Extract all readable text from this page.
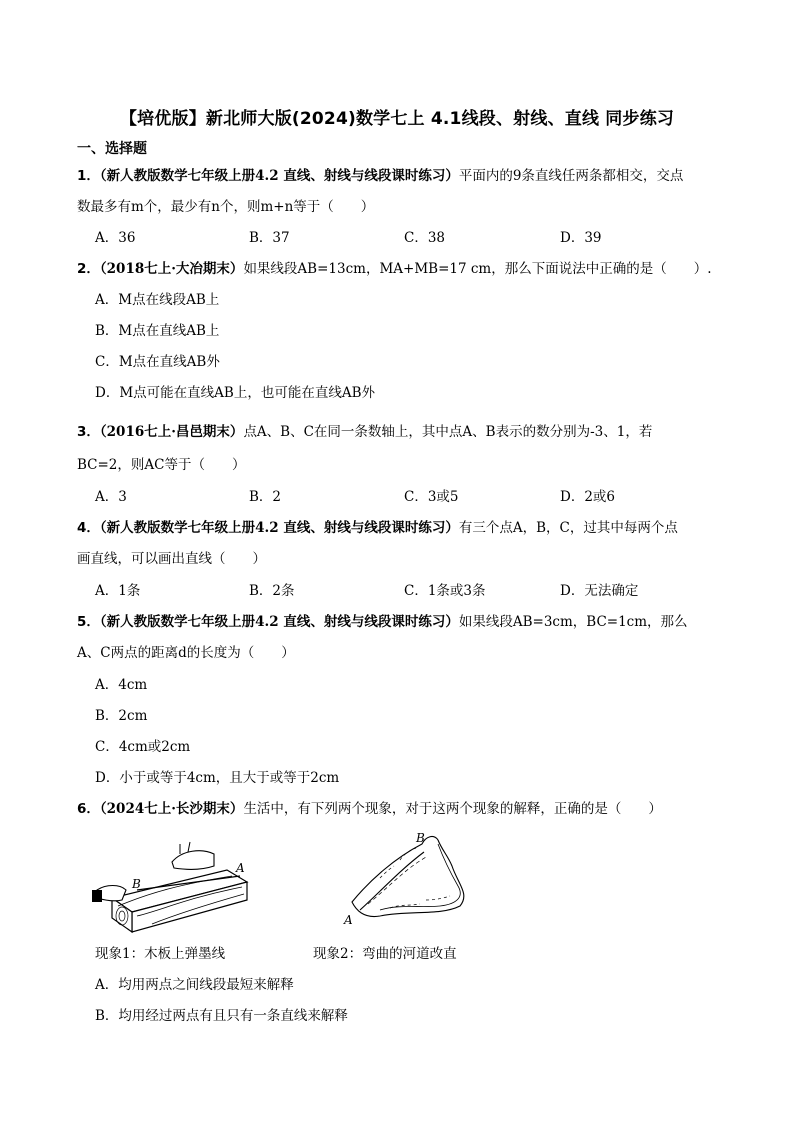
【培优版】新北师大版(2024)数学七上 4.1线段、射线、直线 同步练习
一、选择题
1．（新人教版数学七年级上册4.2 直线、射线与线段课时练习）平面内的9条直线任两条都相交，交点
数最多有m个，最少有n个，则m+n等于（　　）
A．36	B．37	C．38	D．39
2．（2018七上·大冶期末）如果线段AB=13cm，MA+MB=17 cm，那么下面说法中正确的是（　　）.
A．M点在线段AB上
B．M点在直线AB上
C．M点在直线AB外
D．M点可能在直线AB上，也可能在直线AB外
3．（2016七上·昌邑期末）点A、B、C在同一条数轴上，其中点A、B表示的数分别为-3、1，若
BC=2，则AC等于（　　）
A．3	B．2	C．3或5	D．2或6
4．（新人教版数学七年级上册4.2 直线、射线与线段课时练习）有三个点A，B，C，过其中每两个点
画直线，可以画出直线（　　）
A．1条	B．2条	C．1条或3条	D．无法确定
5．（新人教版数学七年级上册4.2 直线、射线与线段课时练习）如果线段AB=3cm，BC=1cm，那么
A、C两点的距离d的长度为（　　）
A．4cm
B．2cm
C．4cm或2cm
D．小于或等于4cm，且大于或等于2cm
6．（2024七上·长沙期末）生活中，有下列两个现象，对于这两个现象的解释，正确的是（　　）
B
A
现象1：木板上弹墨线
A
B
现象2：弯曲的河道改直
A．均用两点之间线段最短来解释
B．均用经过两点有且只有一条直线来解释
